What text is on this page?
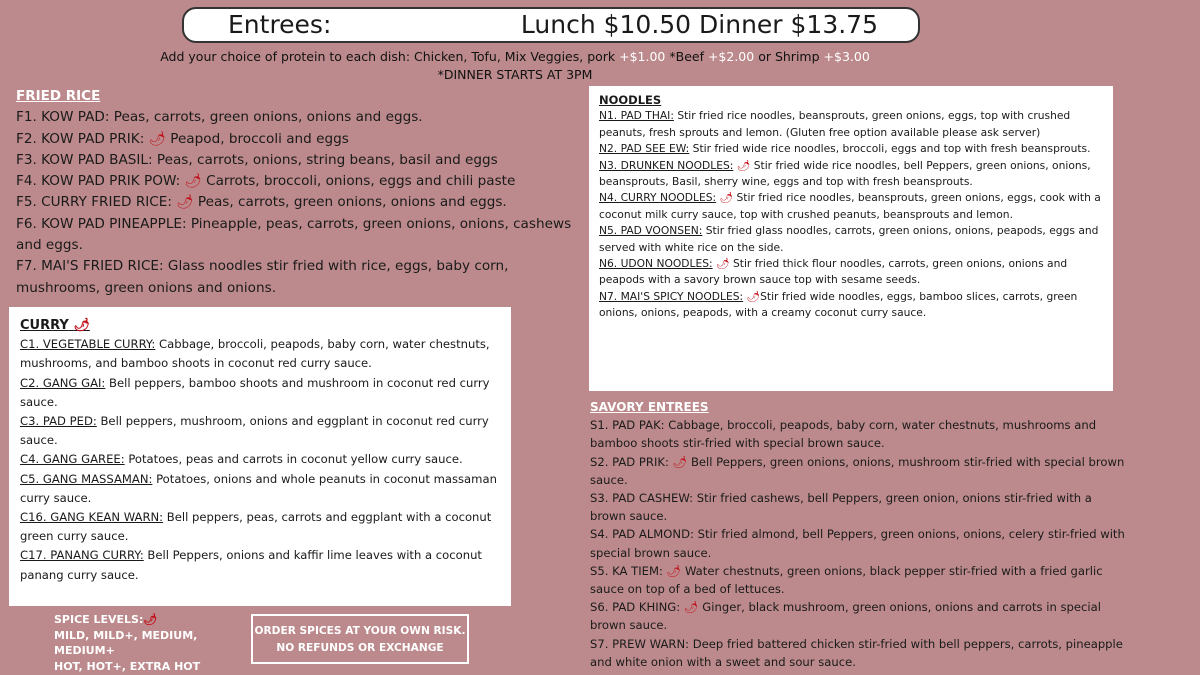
Entrees:	Lunch $10.50 Dinner $13.75
Add your choice of protein to each dish: Chicken, Tofu, Mix Veggies, pork +$1.00 *Beef +$2.00 or Shrimp +$3.00
*DINNER STARTS AT 3PM
FRIED RICE
F1. KOW PAD: Peas, carrots, green onions, onions and eggs.
F2. KOW PAD PRIK: 🌶 Peapod, broccoli and eggs
F3. KOW PAD BASIL: Peas, carrots, onions, string beans, basil and eggs
F4. KOW PAD PRIK POW: 🌶 Carrots, broccoli, onions, eggs and chili paste
F5. CURRY FRIED RICE: 🌶 Peas, carrots, green onions, onions and eggs.
F6. KOW PAD PINEAPPLE: Pineapple, peas, carrots, green onions, onions, cashews and eggs.
F7. MAI'S FRIED RICE: Glass noodles stir fried with rice, eggs, baby corn, mushrooms, green onions and onions.
CURRY 🌶
C1. VEGETABLE CURRY: Cabbage, broccoli, peapods, baby corn, water chestnuts, mushrooms, and bamboo shoots in coconut red curry sauce.
C2. GANG GAI: Bell peppers, bamboo shoots and mushroom in coconut red curry sauce.
C3. PAD PED: Bell peppers, mushroom, onions and eggplant in coconut red curry sauce.
C4. GANG GAREE: Potatoes, peas and carrots in coconut yellow curry sauce.
C5. GANG MASSAMAN: Potatoes, onions and whole peanuts in coconut massaman curry sauce.
C16. GANG KEAN WARN: Bell peppers, peas, carrots and eggplant with a coconut green curry sauce.
C17. PANANG CURRY: Bell Peppers, onions and kaffir lime leaves with a coconut panang curry sauce.
NOODLES
N1. PAD THAI: Stir fried rice noodles, beansprouts, green onions, eggs, top with crushed peanuts, fresh sprouts and lemon. (Gluten free option available please ask server)
N2. PAD SEE EW: Stir fried wide rice noodles, broccoli, eggs and top with fresh beansprouts.
N3. DRUNKEN NOODLES: 🌶 Stir fried wide rice noodles, bell Peppers, green onions, onions, beansprouts, Basil, sherry wine, eggs and top with fresh beansprouts.
N4. CURRY NOODLES: 🌶 Stir fried rice noodles, beansprouts, green onions, eggs, cook with a coconut milk curry sauce, top with crushed peanuts, beansprouts and lemon.
N5. PAD VOONSEN: Stir fried glass noodles, carrots, green onions, onions, peapods, eggs and served with white rice on the side.
N6. UDON NOODLES: 🌶 Stir fried thick flour noodles, carrots, green onions, onions and peapods with a savory brown sauce top with sesame seeds.
N7. MAI'S SPICY NOODLES: 🌶Stir fried wide noodles, eggs, bamboo slices, carrots, green onions, onions, peapods, with a creamy coconut curry sauce.
SAVORY ENTREES
S1. PAD PAK: Cabbage, broccoli, peapods, baby corn, water chestnuts, mushrooms and bamboo shoots stir-fried with special brown sauce.
S2. PAD PRIK: 🌶 Bell Peppers, green onions, onions, mushroom stir-fried with special brown sauce.
S3. PAD CASHEW: Stir fried cashews, bell Peppers, green onion, onions stir-fried with a brown sauce.
S4. PAD ALMOND: Stir fried almond, bell Peppers, green onions, onions, celery stir-fried with special brown sauce.
S5. KA TIEM: 🌶 Water chestnuts, green onions, black pepper stir-fried with a fried garlic sauce on top of a bed of lettuces.
S6. PAD KHING: 🌶 Ginger, black mushroom, green onions, onions and carrots in special brown sauce.
S7. PREW WARN: Deep fried battered chicken stir-fried with bell peppers, carrots, pineapple and white onion with a sweet and sour sauce.
SPICE LEVELS:🌶
MILD, MILD+, MEDIUM, MEDIUM+
HOT, HOT+, EXTRA HOT
ORDER SPICES AT YOUR OWN RISK.
NO REFUNDS OR EXCHANGE
